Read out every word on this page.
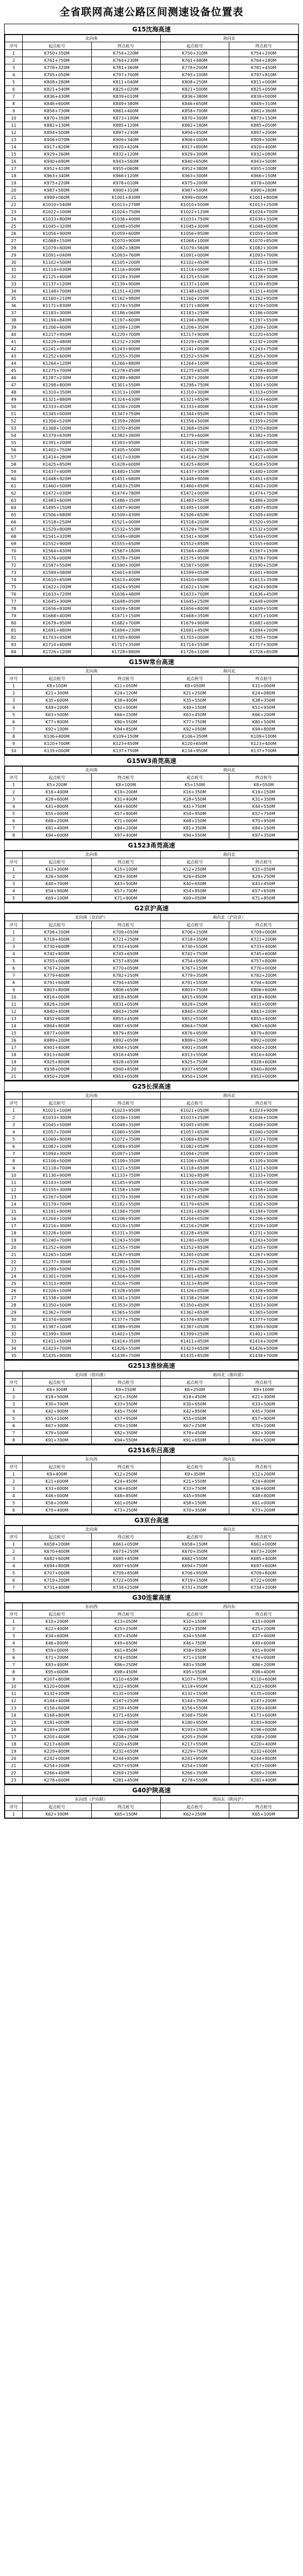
全省联网高速公路区间测速设备位置表
G15沈海高速
	北向南		南向北	
序号	起点桩号	终点桩号	起点桩号	终点桩号
1	K750+350M	K754+220M	K750+310M	K754+200M
2	K761+750M	K764+230M	K761+480M	K764+180M
3	K778+320M	K781+360M	K778+200M	K781+450M
4	K795+050M	K797+700M	K795+100M	K797+810M
5	K808+280M	K811+040M	K808+250M	K811+000M
6	K821+540M	K825+020M	K821+500M	K825+050M
7	K836+430M	K839+010M	K836+380M	K839+000M
8	K846+600M	K849+380M	K846+650M	K849+310M
9	K858+730M	K861+400M	K858+700M	K861+360M
10	K870+350M	K873+100M	K870+300M	K873+150M
11	K882+130M	K885+120M	K882+180M	K885+050M
12	K894+500M	K897+230M	K894+450M	K897+200M
13	K906+070M	K909+340M	K906+000M	K909+300M
14	K917+820M	K920+420M	K917+800M	K920+400M
15	K929+260M	K932+120M	K929+300M	K932+080M
16	K940+690M	K943+560M	K940+650M	K943+500M
17	K952+410M	K955+060M	K952+380M	K955+100M
18	K963+340M	K966+120M	K963+300M	K966+150M
19	K975+220M	K978+010M	K975+200M	K978+000M
20	K987+580M	K990+310M	K987+500M	K990+280M
21	K999+060M	K1001+830M	K999+000M	K1001+800M
22	K1010+540M	K1013+270M	K1010+500M	K1013+250M
23	K1022+100M	K1024+750M	K1022+120M	K1024+700M
24	K1033+800M	K1036+400M	K1033+750M	K1036+350M
25	K1045+320M	K1048+050M	K1045+300M	K1048+000M
26	K1056+900M	K1059+600M	K1056+850M	K1059+560M
27	K1068+150M	K1070+900M	K1068+100M	K1070+850M
28	K1079+600M	K1082+380M	K1079+560M	K1082+300M
29	K1091+040M	K1093+760M	K1091+000M	K1093+700M
30	K1102+500M	K1105+200M	K1102+450M	K1105+150M
31	K1114+030M	K1116+800M	K1114+000M	K1116+750M
32	K1125+600M	K1128+350M	K1125+550M	K1128+300M
33	K1137+120M	K1139+900M	K1137+100M	K1139+850M
34	K1148+700M	K1151+420M	K1148+650M	K1151+400M
35	K1160+210M	K1162+980M	K1160+200M	K1162+950M
36	K1171+830M	K1174+550M	K1171+800M	K1174+500M
37	K1183+300M	K1186+060M	K1183+250M	K1186+000M
38	K1194+840M	K1197+600M	K1194+800M	K1197+550M
39	K1206+400M	K1209+120M	K1206+350M	K1209+100M
40	K1217+950M	K1220+700M	K1217+900M	K1220+650M
41	K1229+480M	K1232+230M	K1229+450M	K1232+200M
42	K1241+050M	K1243+800M	K1241+000M	K1243+750M
43	K1252+600M	K1255+350M	K1252+550M	K1255+300M
44	K1264+120M	K1266+880M	K1264+100M	K1266+850M
45	K1275+700M	K1278+450M	K1275+650M	K1278+400M
46	K1287+230M	K1289+980M	K1287+200M	K1289+950M
47	K1298+800M	K1301+550M	K1298+750M	K1301+500M
48	K1310+350M	K1313+100M	K1310+300M	K1313+050M
49	K1321+880M	K1324+630M	K1321+850M	K1324+600M
50	K1333+450M	K1336+200M	K1333+400M	K1336+150M
51	K1345+000M	K1347+750M	K1344+950M	K1347+700M
52	K1356+520M	K1359+280M	K1356+500M	K1359+250M
53	K1368+100M	K1370+850M	K1368+050M	K1370+800M
54	K1379+630M	K1382+380M	K1379+600M	K1382+350M
55	K1391+200M	K1393+950M	K1391+150M	K1393+900M
56	K1402+750M	K1405+500M	K1402+700M	K1405+450M
57	K1414+280M	K1417+030M	K1414+250M	K1417+000M
58	K1425+850M	K1428+600M	K1425+800M	K1428+550M
59	K1437+400M	K1440+150M	K1437+350M	K1440+100M
60	K1448+920M	K1451+680M	K1448+900M	K1451+650M
61	K1460+500M	K1463+250M	K1460+450M	K1463+200M
62	K1472+030M	K1474+780M	K1472+000M	K1474+750M
63	K1483+600M	K1486+350M	K1483+550M	K1486+300M
64	K1495+150M	K1497+900M	K1495+100M	K1497+850M
65	K1506+680M	K1509+430M	K1506+650M	K1509+400M
66	K1518+250M	K1521+000M	K1518+200M	K1520+950M
67	K1529+800M	K1532+550M	K1529+750M	K1532+500M
68	K1541+320M	K1544+080M	K1541+300M	K1544+050M
69	K1552+900M	K1555+650M	K1552+850M	K1555+600M
70	K1564+430M	K1567+180M	K1564+400M	K1567+150M
71	K1576+000M	K1578+750M	K1575+950M	K1578+700M
72	K1587+550M	K1590+300M	K1587+500M	K1590+250M
73	K1599+080M	K1601+830M	K1599+050M	K1601+800M
74	K1610+650M	K1613+400M	K1610+600M	K1613+350M
75	K1622+200M	K1624+950M	K1622+150M	K1624+900M
76	K1633+720M	K1636+480M	K1633+700M	K1636+450M
77	K1645+300M	K1648+050M	K1645+250M	K1648+000M
78	K1656+830M	K1659+580M	K1656+800M	K1659+550M
79	K1668+400M	K1671+150M	K1668+350M	K1671+100M
80	K1679+950M	K1682+700M	K1679+900M	K1682+650M
81	K1691+480M	K1694+230M	K1691+450M	K1694+200M
82	K1703+050M	K1705+800M	K1703+000M	K1705+750M
83	K1714+600M	K1717+350M	K1714+550M	K1717+300M
84	K1726+120M	K1728+880M	K1726+100M	K1728+850M
G15W常台高速
	北向南		南向北	
序号	起点桩号	终点桩号	起点桩号	终点桩号
1	K8+100M	K11+050M	K8+050M	K11+000M
2	K21+300M	K24+120M	K21+250M	K24+080M
3	K35+600M	K38+400M	K35+550M	K38+350M
4	K49+200M	K52+000M	K49+150M	K51+950M
5	K63+500M	K66+250M	K63+450M	K66+200M
6	K77+800M	K80+550M	K77+750M	K80+500M
7	K92+100M	K94+850M	K92+050M	K94+800M
8	K106+400M	K109+150M	K106+350M	K109+100M
9	K120+700M	K123+450M	K120+650M	K123+400M
10	K135+000M	K137+750M	K134+950M	K137+700M
G15W3甬莞高速
	北向南		南向北	
序号	起点桩号	终点桩号	起点桩号	终点桩号
1	K5+200M	K8+100M	K5+150M	K8+050M
2	K16+400M	K19+200M	K16+350M	K19+150M
3	K28+600M	K31+400M	K28+550M	K31+350M
4	K41+800M	K44+600M	K41+750M	K44+550M
5	K55+000M	K57+800M	K54+950M	K57+750M
6	K68+200M	K71+000M	K68+150M	K70+950M
7	K81+400M	K84+200M	K81+350M	K84+150M
8	K94+600M	K97+400M	K94+550M	K97+350M
G1523甬莞高速
	北向南		南向北	
序号	起点桩号	终点桩号	起点桩号	终点桩号
1	K12+300M	K15+100M	K12+250M	K15+050M
2	K26+500M	K29+300M	K26+450M	K29+250M
3	K40+700M	K43+500M	K40+650M	K43+450M
4	K54+900M	K57+700M	K54+850M	K57+650M
5	K69+100M	K71+900M	K69+050M	K71+850M
G2京沪高速
	北向南（京向沪）		南向北（沪向京）	
序号	起点桩号	终点桩号	起点桩号	终点桩号
1	K706+200M	K709+050M	K706+150M	K709+000M
2	K718+400M	K721+250M	K718+350M	K721+200M
3	K730+600M	K733+450M	K730+550M	K733+400M
4	K742+800M	K745+650M	K742+750M	K745+600M
5	K755+000M	K757+850M	K754+950M	K757+800M
6	K767+200M	K770+050M	K767+150M	K770+000M
7	K779+400M	K782+250M	K779+350M	K782+200M
8	K791+600M	K794+450M	K791+550M	K794+400M
9	K803+800M	K806+650M	K803+750M	K806+600M
10	K816+000M	K818+850M	K815+950M	K818+800M
11	K828+200M	K831+050M	K828+150M	K831+000M
12	K840+400M	K843+250M	K840+350M	K843+200M
13	K852+600M	K855+450M	K852+550M	K855+400M
14	K864+800M	K867+650M	K864+750M	K867+600M
15	K877+000M	K879+850M	K876+950M	K879+800M
16	K889+200M	K892+050M	K889+150M	K892+000M
17	K901+400M	K904+250M	K901+350M	K904+200M
18	K913+600M	K916+450M	K913+550M	K916+400M
19	K925+800M	K928+650M	K925+750M	K928+600M
20	K938+000M	K940+850M	K937+950M	K940+800M
21	K950+200M	K953+050M	K950+150M	K953+000M
G25长深高速
	北向南		南向北	
序号	起点桩号	终点桩号	起点桩号	终点桩号
1	K1021+100M	K1023+950M	K1021+050M	K1023+900M
2	K1033+300M	K1036+150M	K1033+250M	K1036+100M
3	K1045+500M	K1048+350M	K1045+450M	K1048+300M
4	K1057+700M	K1060+550M	K1057+650M	K1060+500M
5	K1069+900M	K1072+750M	K1069+850M	K1072+700M
6	K1082+100M	K1084+950M	K1082+050M	K1084+900M
7	K1094+300M	K1097+150M	K1094+250M	K1097+100M
8	K1106+500M	K1109+350M	K1106+450M	K1109+300M
9	K1118+700M	K1121+550M	K1118+650M	K1121+500M
10	K1130+900M	K1133+750M	K1130+850M	K1133+700M
11	K1143+100M	K1145+950M	K1143+050M	K1145+900M
12	K1155+300M	K1158+150M	K1155+250M	K1158+100M
13	K1167+500M	K1170+350M	K1167+450M	K1170+300M
14	K1179+700M	K1182+550M	K1179+650M	K1182+500M
15	K1191+900M	K1194+750M	K1191+850M	K1194+700M
16	K1204+100M	K1206+950M	K1204+050M	K1206+900M
17	K1216+300M	K1219+150M	K1216+250M	K1219+100M
18	K1228+500M	K1231+350M	K1228+450M	K1231+300M
19	K1240+700M	K1243+550M	K1240+650M	K1243+500M
20	K1252+900M	K1255+750M	K1252+850M	K1255+700M
21	K1265+100M	K1267+950M	K1265+050M	K1267+900M
22	K1277+300M	K1280+150M	K1277+250M	K1280+100M
23	K1289+500M	K1292+350M	K1289+450M	K1292+300M
24	K1301+700M	K1304+550M	K1301+650M	K1304+500M
25	K1313+900M	K1316+750M	K1313+850M	K1316+700M
26	K1326+100M	K1328+950M	K1326+050M	K1328+900M
27	K1338+300M	K1341+150M	K1338+250M	K1341+100M
28	K1350+500M	K1353+350M	K1350+450M	K1353+300M
29	K1362+700M	K1365+550M	K1362+650M	K1365+500M
30	K1374+900M	K1377+750M	K1374+850M	K1377+700M
31	K1387+100M	K1389+950M	K1387+050M	K1389+900M
32	K1399+300M	K1402+150M	K1399+250M	K1402+100M
33	K1411+500M	K1414+350M	K1411+450M	K1414+300M
34	K1423+700M	K1426+550M	K1423+650M	K1426+500M
35	K1435+900M	K1438+750M	K1435+850M	K1438+700M
G2513淮徐高速
	北向南（徐向淮）		南向北（淮向徐）	
序号	起点桩号	终点桩号	起点桩号	终点桩号
1	K6+300M	K9+150M	K6+250M	K9+100M
2	K18+500M	K21+350M	K18+450M	K21+300M
3	K30+700M	K33+550M	K30+650M	K33+500M
4	K42+900M	K45+750M	K42+850M	K45+700M
5	K55+100M	K57+950M	K55+050M	K57+900M
6	K67+300M	K70+150M	K67+250M	K70+100M
7	K79+500M	K82+350M	K79+450M	K82+300M
8	K91+700M	K94+550M	K91+650M	K94+500M
G2516东吕高速
	东向西		西向东	
序号	起点桩号	终点桩号	起点桩号	终点桩号
1	K9+400M	K12+250M	K9+350M	K12+200M
2	K21+600M	K24+450M	K21+550M	K24+400M
3	K33+800M	K36+650M	K33+750M	K36+600M
4	K46+000M	K48+850M	K45+950M	K48+800M
5	K58+200M	K61+050M	K58+150M	K61+000M
6	K70+400M	K73+250M	K70+350M	K73+200M
G3京台高速
	北向南		南向北	
序号	起点桩号	终点桩号	起点桩号	终点桩号
1	K658+200M	K661+050M	K658+150M	K661+000M
2	K670+400M	K673+250M	K670+350M	K673+200M
3	K682+600M	K685+450M	K682+550M	K685+400M
4	K694+800M	K697+650M	K694+750M	K697+600M
5	K707+000M	K709+850M	K706+950M	K709+800M
6	K719+200M	K722+050M	K719+150M	K722+000M
7	K731+400M	K734+250M	K731+350M	K734+200M
G30连霍高速
	东向西		西向东	
序号	起点桩号	终点桩号	起点桩号	终点桩号
1	K10+200M	K13+050M	K10+150M	K13+000M
2	K22+400M	K25+250M	K22+350M	K25+200M
3	K34+600M	K37+450M	K34+550M	K37+400M
4	K46+800M	K49+650M	K46+750M	K49+600M
5	K59+000M	K61+850M	K58+950M	K61+800M
6	K71+200M	K74+050M	K71+150M	K74+000M
7	K83+400M	K86+250M	K83+350M	K86+200M
8	K95+600M	K98+450M	K95+550M	K98+400M
9	K107+800M	K110+650M	K107+750M	K110+600M
10	K120+000M	K122+850M	K119+950M	K122+800M
11	K132+200M	K135+050M	K132+150M	K135+000M
12	K144+400M	K147+250M	K144+350M	K147+200M
13	K156+600M	K159+450M	K156+550M	K159+400M
14	K168+800M	K171+650M	K168+750M	K171+600M
15	K181+000M	K183+850M	K180+950M	K183+800M
16	K193+200M	K196+050M	K193+150M	K196+000M
17	K205+400M	K208+250M	K205+350M	K208+200M
18	K217+600M	K220+450M	K217+550M	K220+400M
19	K229+800M	K232+650M	K229+750M	K232+600M
20	K242+000M	K244+850M	K241+950M	K244+800M
21	K254+200M	K257+050M	K254+150M	K257+000M
22	K266+400M	K269+250M	K266+350M	K269+200M
23	K278+600M	K281+450M	K278+550M	K281+400M
G40沪陕高速
	东向西（沪向陕）		西向东（陕向沪）	
序号	起点桩号	终点桩号	起点桩号	终点桩号
1	K62+300M	K65+150M	K62+250M	K65+100M
